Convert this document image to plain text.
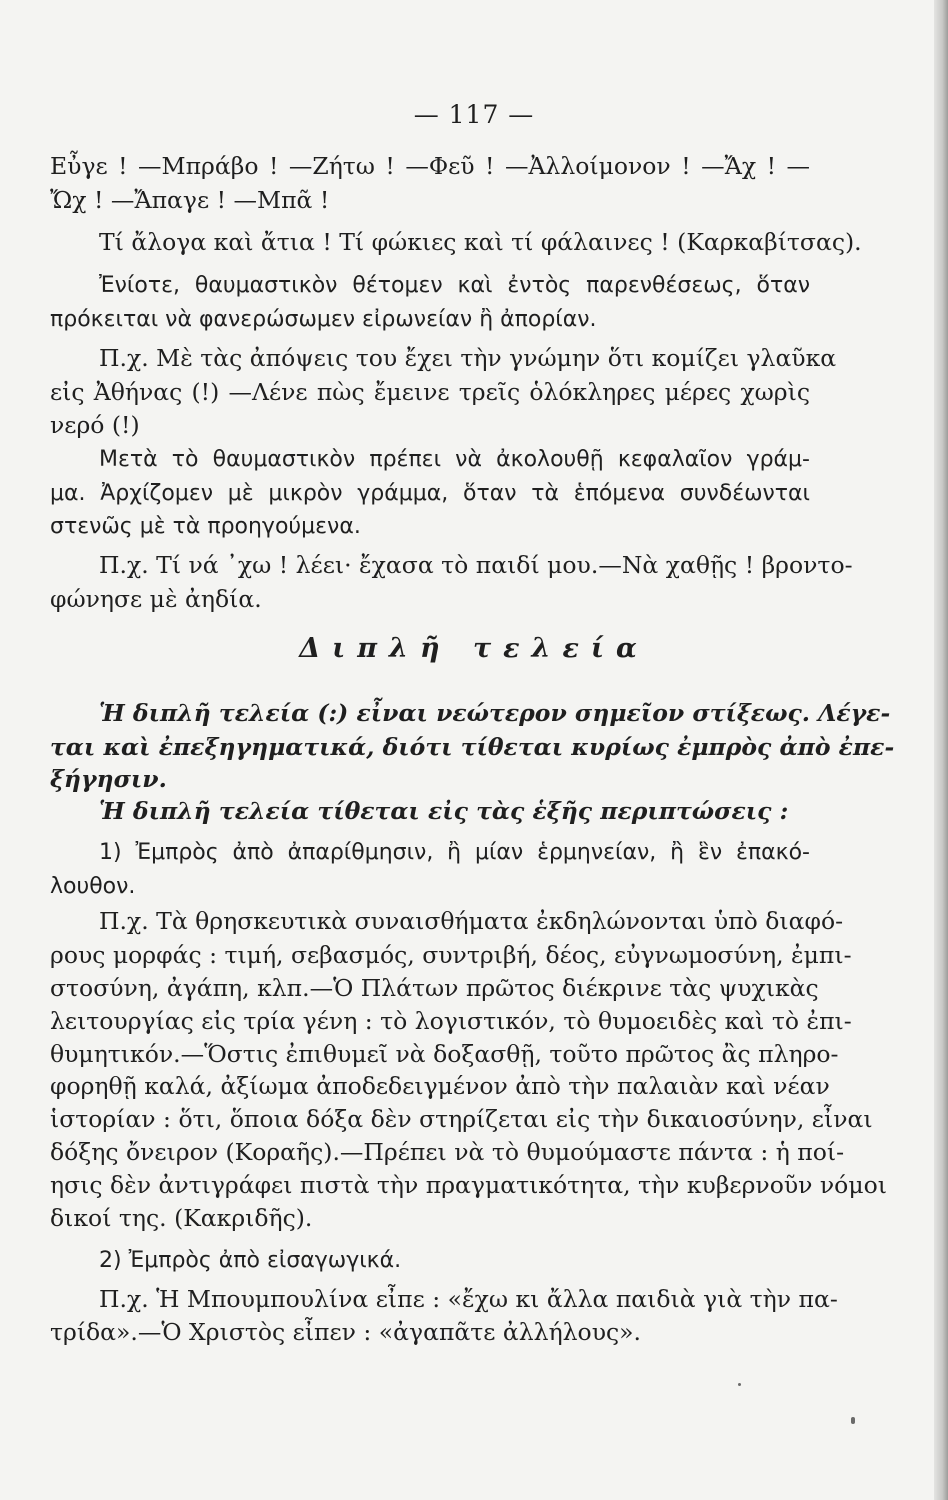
— 117 —
Εὖγε ! —Μπράβο ! —Ζήτω ! —Φεῦ ! —Ἀλλοίμονον ! —Ἄχ ! —
Ὤχ ! —Ἄπαγε ! —Μπᾶ !
Τί ἄλογα καὶ ἄτια ! Τί φώκιες καὶ τί φάλαινες ! (Καρκαβίτσας).
Ἐνίοτε, θαυμαστικὸν θέτομεν καὶ ἐντὸς παρενθέσεως, ὅταν
πρόκειται νὰ φανερώσωμεν εἰρωνείαν ἢ ἀπορίαν.
Π.χ. Μὲ τὰς ἀπόψεις του ἔχει τὴν γνώμην ὅτι κομίζει γλαῦκα
εἰς Ἀθήνας (!) —Λένε πὼς ἔμεινε τρεῖς ὁλόκληρες μέρες χωρὶς
νερό (!)
Μετὰ τὸ θαυμαστικὸν πρέπει νὰ ἀκολουθῇ κεφαλαῖον γράμ-
μα. Ἀρχίζομεν μὲ μικρὸν γράμμα, ὅταν τὰ ἑπόμενα συνδέωνται
στενῶς μὲ τὰ προηγούμενα.
Π.χ. Τί νά ᾽χω ! λέει· ἔχασα τὸ παιδί μου.—Νὰ χαθῇς ! βροντο-
φώνησε μὲ ἀηδία.
Διπλῆ τελεία
Ἡ διπλῆ τελεία (:) εἶναι νεώτερον σημεῖον στίξεως. Λέγε-
ται καὶ ἐπεξηγηματικά, διότι τίθεται κυρίως ἐμπρὸς ἀπὸ ἐπε-
ξήγησιν.
Ἡ διπλῆ τελεία τίθεται εἰς τὰς ἑξῆς περιπτώσεις :
1) Ἐμπρὸς ἀπὸ ἀπαρίθμησιν, ἢ μίαν ἑρμηνείαν, ἢ ἓν ἐπακό-
λουθον.
Π.χ. Τὰ θρησκευτικὰ συναισθήματα ἐκδηλώνονται ὑπὸ διαφό-
ρους μορφάς : τιμή, σεβασμός, συντριβή, δέος, εὐγνωμοσύνη, ἐμπι-
στοσύνη, ἀγάπη, κλπ.—Ὁ Πλάτων πρῶτος διέκρινε τὰς ψυχικὰς
λειτουργίας εἰς τρία γένη : τὸ λογιστικόν, τὸ θυμοειδὲς καὶ τὸ ἐπι-
θυμητικόν.—Ὅστις ἐπιθυμεῖ νὰ δοξασθῇ, τοῦτο πρῶτος ἂς πληρο-
φορηθῇ καλά, ἀξίωμα ἀποδεδειγμένον ἀπὸ τὴν παλαιὰν καὶ νέαν
ἱστορίαν : ὅτι, ὅποια δόξα δὲν στηρίζεται εἰς τὴν δικαιοσύνην, εἶναι
δόξης ὄνειρον (Κοραῆς).—Πρέπει νὰ τὸ θυμούμαστε πάντα : ἡ ποί-
ησις δὲν ἀντιγράφει πιστὰ τὴν πραγματικότητα, τὴν κυβερνοῦν νόμοι
δικοί της. (Κακριδῆς).
2) Ἐμπρὸς ἀπὸ εἰσαγωγικά.
Π.χ. Ἡ Μπουμπουλίνα εἶπε : «ἔχω κι ἄλλα παιδιὰ γιὰ τὴν πα-
τρίδα».—Ὁ Χριστὸς εἶπεν : «ἀγαπᾶτε ἀλλήλους».
